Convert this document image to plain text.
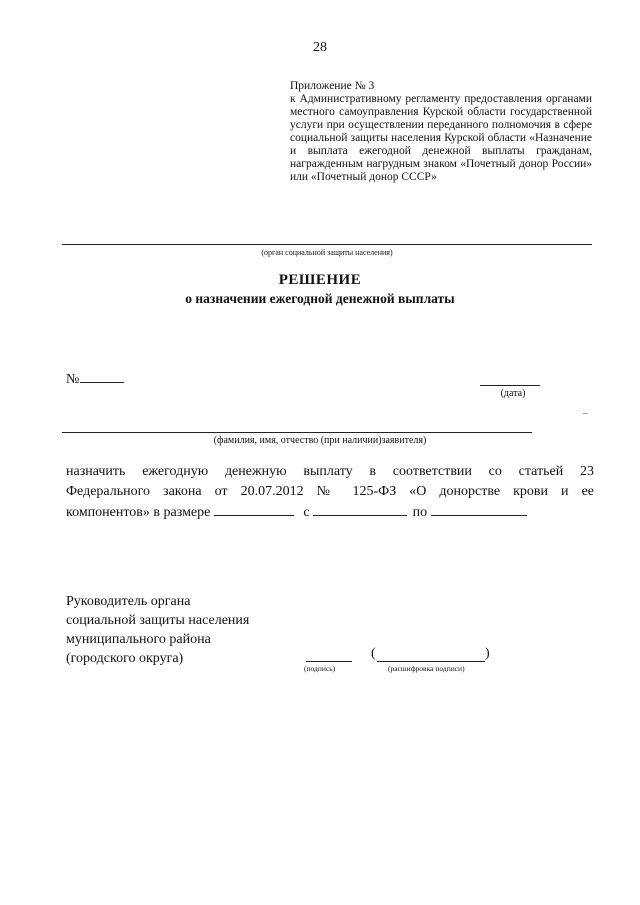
28
Приложение № 3
к Административному регламенту предоставления органами местного самоуправления Курской области государственной услуги при осуществлении переданного полномочия в сфере социальной защиты населения Курской области «Назначение и выплата ежегодной денежной выплаты гражданам, награжденным нагрудным знаком «Почетный донор России» или «Почетный донор СССР»
(орган социальной защиты населения)
РЕШЕНИЕ
о назначении ежегодной денежной выплаты
№
(дата)
–
(фамилия, имя, отчество (при наличии)заявителя)
назначить ежегодную денежную выплату в соответствии со статьей 23
Федерального закона от 20.07.2012 № 125-ФЗ «О донорстве крови и ее
компонентов» в размере	с	по
Руководитель органа
социальной защиты населения
муниципального района
(городского округа)
(подпись)
(	)
(расшифровка подписи)
